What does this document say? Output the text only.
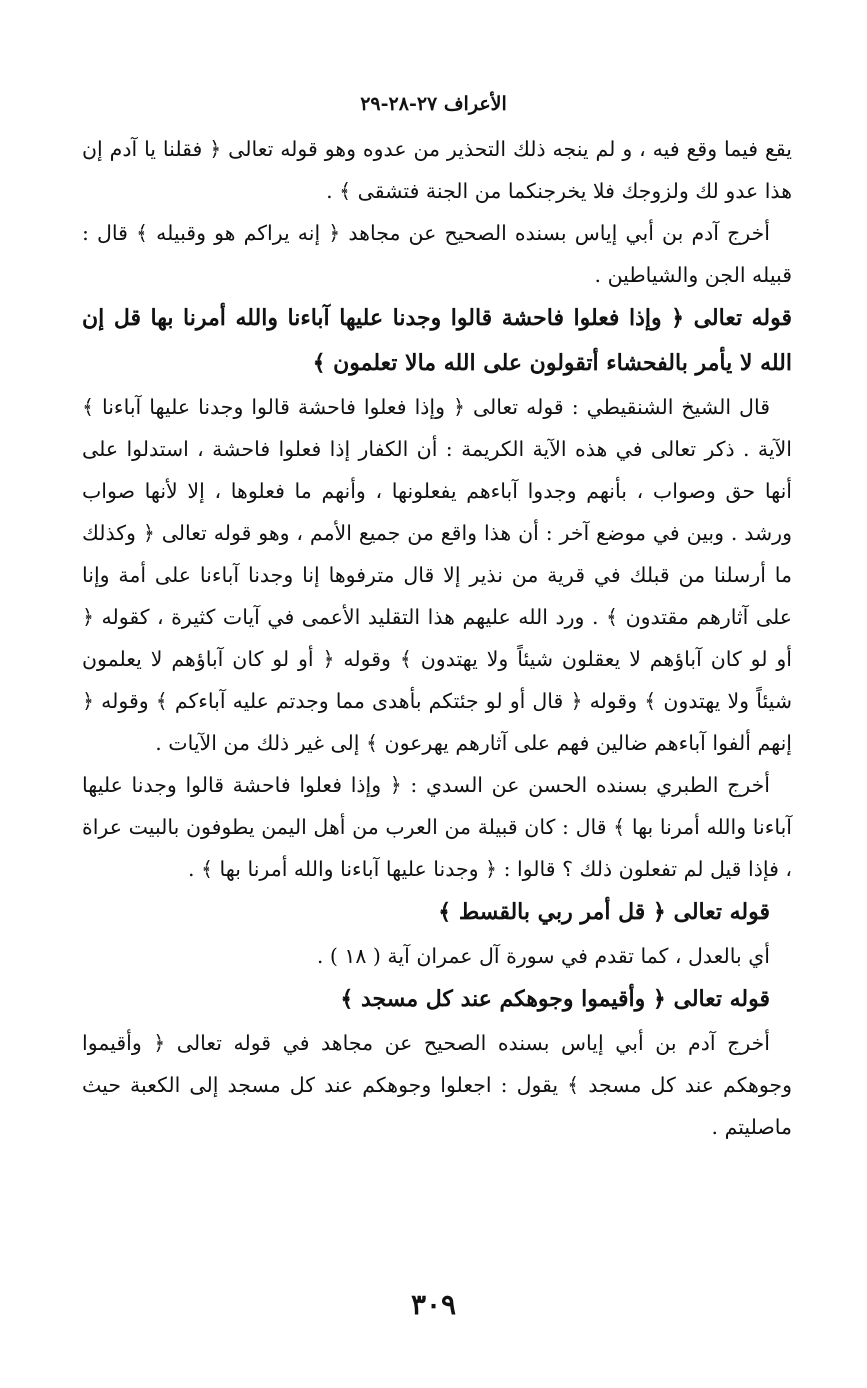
الأعراف ٢٧-٢٨-٢٩

يقع فيما وقع فيه ، و لم ينجه ذلك التحذير من عدوه وهو قوله تعالى ﴿ فقلنا يا آدم إن هذا عدو لك ولزوجك فلا يخرجنكما من الجنة فتشقى ﴾ .

أخرج آدم بن أبي إياس بسنده الصحيح عن مجاهد ﴿ إنه يراكم هو وقبيله ﴾ قال : قبيله الجن والشياطين .

قوله تعالى ﴿ وإذا فعلوا فاحشة قالوا وجدنا عليها آباءنا والله أمرنا بها قل إن الله لا يأمر بالفحشاء أتقولون على الله مالا تعلمون ﴾

قال الشيخ الشنقيطي : قوله تعالى ﴿ وإذا فعلوا فاحشة قالوا وجدنا عليها آباءنا ﴾ الآية . ذكر تعالى في هذه الآية الكريمة : أن الكفار إذا فعلوا فاحشة ، استدلوا على أنها حق وصواب ، بأنهم وجدوا آباءهم يفعلونها ، وأنهم ما فعلوها ، إلا لأنها صواب ورشد . وبين في موضع آخر : أن هذا واقع من جميع الأمم ، وهو قوله تعالى ﴿ وكذلك ما أرسلنا من قبلك في قرية من نذير إلا قال مترفوها إنا وجدنا آباءنا على أمة وإنا على آثارهم مقتدون ﴾ . ورد الله عليهم هذا التقليد الأعمى في آيات كثيرة ، كقوله ﴿ أو لو كان آباؤهم لا يعقلون شيئاً ولا يهتدون ﴾ وقوله ﴿ أو لو كان آباؤهم لا يعلمون شيئاً ولا يهتدون ﴾ وقوله ﴿ قال أو لو جئتكم بأهدى مما وجدتم عليه آباءكم ﴾ وقوله ﴿ إنهم ألفوا آباءهم ضالين فهم على آثارهم يهرعون ﴾ إلى غير ذلك من الآيات .

أخرج الطبري بسنده الحسن عن السدي : ﴿ وإذا فعلوا فاحشة قالوا وجدنا عليها آباءنا والله أمرنا بها ﴾ قال : كان قبيلة من العرب من أهل اليمن يطوفون بالبيت عراة ، فإذا قيل لم تفعلون ذلك ؟ قالوا : ﴿ وجدنا عليها آباءنا والله أمرنا بها ﴾ .

قوله تعالى ﴿ قل أمر ربي بالقسط ﴾

أي بالعدل ، كما تقدم في سورة آل عمران آية ( ١٨ ) .

قوله تعالى ﴿ وأقيموا وجوهكم عند كل مسجد ﴾

أخرج آدم بن أبي إياس بسنده الصحيح عن مجاهد في قوله تعالى ﴿ وأقيموا وجوهكم عند كل مسجد ﴾ يقول : اجعلوا وجوهكم عند كل مسجد إلى الكعبة حيث ماصليتم .

٣٠٩
